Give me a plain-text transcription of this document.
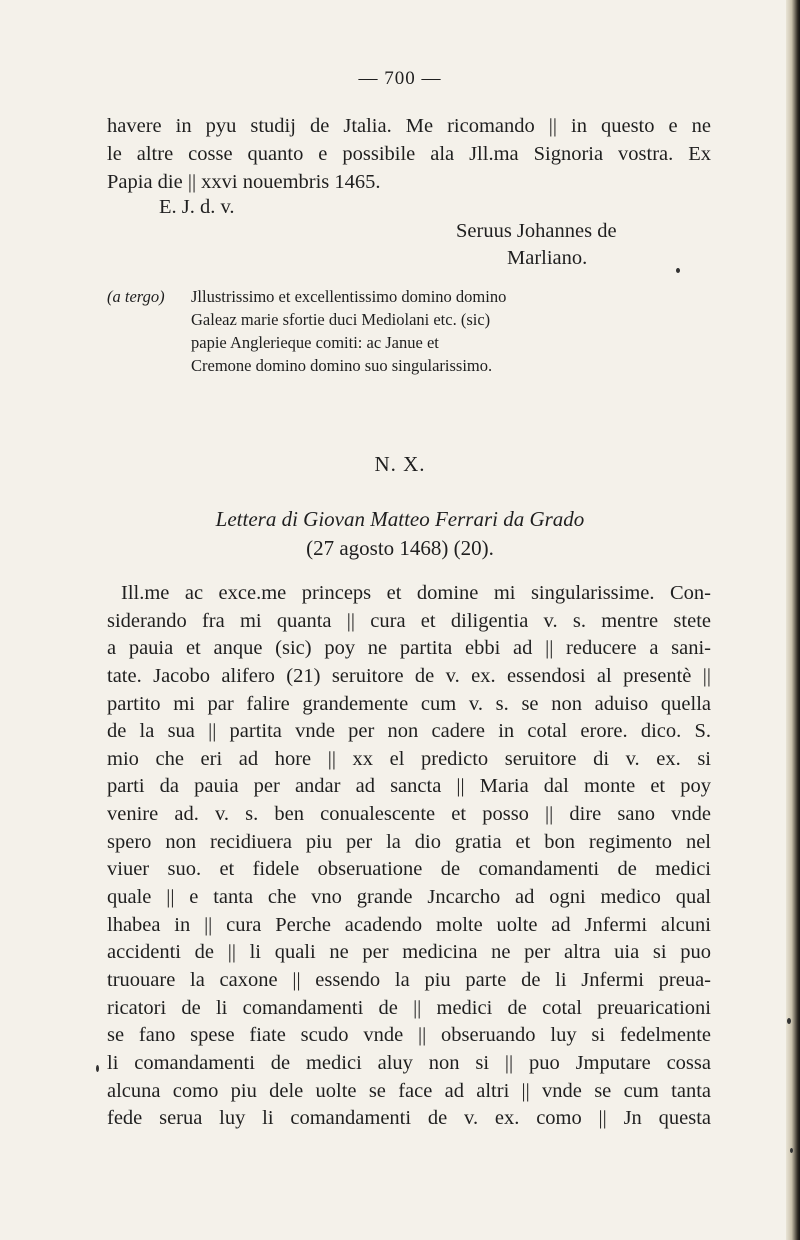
— 700 —
havere in pyu studij de Jtalia. Me ricomando || in questo e ne
le altre cosse quanto e possibile ala Jll.ma Signoria vostra. Ex
Papia die || xxvi nouembris 1465.
E. J. d. v.
Seruus Johannes de
Marliano.
(a tergo) Jllustrissimo et excellentissimo domino domino
Galeaz marie sfortie duci Mediolani etc. (sic)
papie Anglerieque comiti: ac Janue et
Cremone domino domino suo singularissimo.
N. X.
Lettera di Giovan Matteo Ferrari da Grado
(27 agosto 1468) (20).
Ill.me ac exce.me princeps et domine mi singularissime. Con-
siderando fra mi quanta || cura et diligentia v. s. mentre stete
a pauia et anque (sic) poy ne partita ebbi ad || reducere a sani-
tate. Jacobo alifero (21) seruitore de v. ex. essendosi al presentè ||
partito mi par falire grandemente cum v. s. se non aduiso quella
de la sua || partita vnde per non cadere in cotal erore. dico. S.
mio che eri ad hore || xx el predicto seruitore di v. ex. si
parti da pauia per andar ad sancta || Maria dal monte et poy
venire ad. v. s. ben conualescente et posso || dire sano vnde
spero non recidiuera piu per la dio gratia et bon regimento nel
viuer suo. et fidele obseruatione de comandamenti de medici
quale || e tanta che vno grande Jncarcho ad ogni medico qual
lhabea in || cura Perche acadendo molte uolte ad Jnfermi alcuni
accidenti de || li quali ne per medicina ne per altra uia si puo
truouare la caxone || essendo la piu parte de li Jnfermi preua-
ricatori de li comandamenti de || medici de cotal preuaricationi
se fano spese fiate scudo vnde || obseruando luy si fedelmente
li comandamenti de medici aluy non si || puo Jmputare cossa
alcuna como piu dele uolte se face ad altri || vnde se cum tanta
fede serua luy li comandamenti de v. ex. como || Jn questa
